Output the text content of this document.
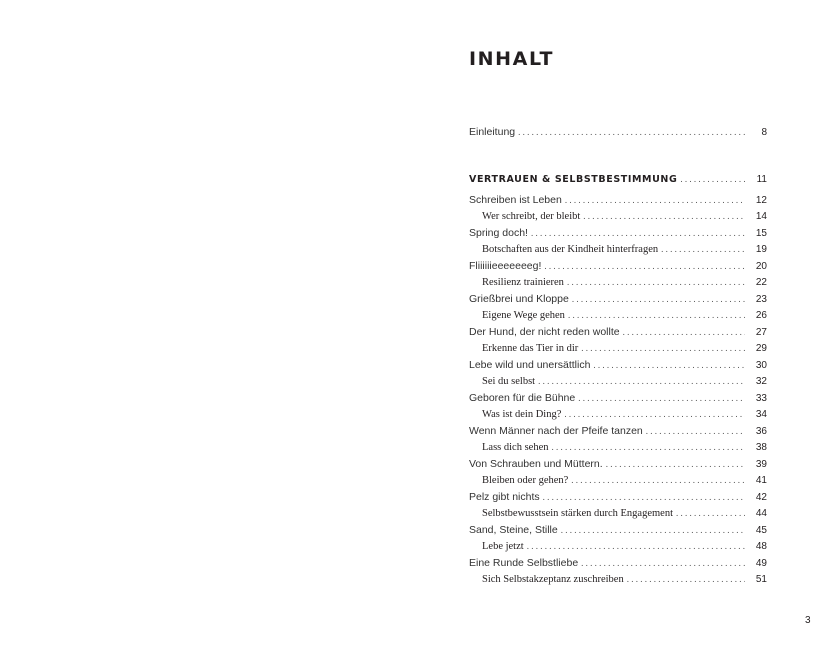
INHALT
Einleitung . . .	8
VERTRAUEN & SELBSTBESTIMMUNG . . .	11
Schreiben ist Leben . . .	12
Wer schreibt, der bleibt . . .	14
Spring doch! . . .	15
Botschaften aus der Kindheit hinterfragen . . .	19
Fliiiiiieeeeeeeg! . . .	20
Resilienz trainieren . . .	22
Grießbrei und Kloppe . . .	23
Eigene Wege gehen . . .	26
Der Hund, der nicht reden wollte . . .	27
Erkenne das Tier in dir . . .	29
Lebe wild und unersättlich . . .	30
Sei du selbst . . .	32
Geboren für die Bühne . . .	33
Was ist dein Ding? . . .	34
Wenn Männer nach der Pfeife tanzen . . .	36
Lass dich sehen . . .	38
Von Schrauben und Müttern. . . .	39
Bleiben oder gehen? . . .	41
Pelz gibt nichts . . .	42
Selbstbewusstsein stärken durch Engagement . . .	44
Sand, Steine, Stille . . .	45
Lebe jetzt . . .	48
Eine Runde Selbstliebe . . .	49
Sich Selbstakzeptanz zuschreiben . . .	51
3
